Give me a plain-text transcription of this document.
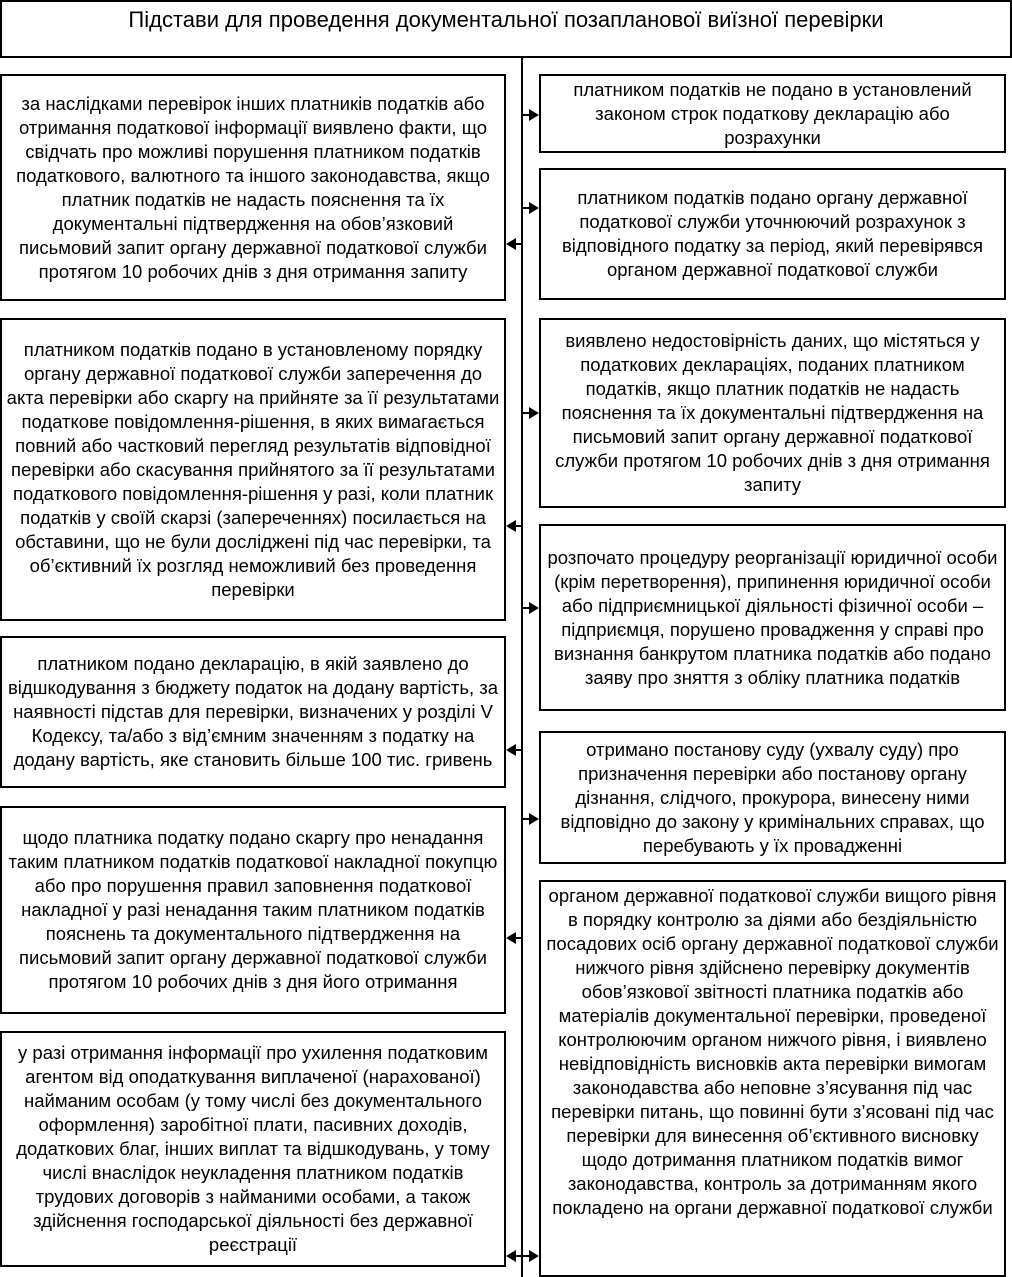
Підстави для проведення документальної позапланової виїзної перевірки
за наслідками перевірок інших платників податків або отримання податкової інформації виявлено факти, що свідчать про можливі порушення платником податків податкового, валютного та іншого законодавства, якщо платник податків не надасть пояснення та їх документальні підтвердження на обов’язковий письмовий запит органу державної податкової служби протягом 10 робочих днів з дня отримання запиту
платником податків подано в установленому порядку органу державної податкової служби заперечення до акта перевірки або скаргу на прийняте за її результатами податкове повідомлення-рішення, в яких вимагається повний або частковий перегляд результатів відповідної перевірки або скасування прийнятого за її результатами податкового повідомлення-рішення у разі, коли платник податків у своїй скарзі (запереченнях) посилається на обставини, що не були досліджені під час перевірки, та об’єктивний їх розгляд неможливий без проведення перевірки
платником подано декларацію, в якій заявлено до відшкодування з бюджету податок на додану вартість, за наявності підстав для перевірки, визначених у розділі V Кодексу, та/або з від’ємним значенням з податку на додану вартість, яке становить більше 100 тис. гривень
щодо платника податку подано скаргу про ненадання таким платником податків податкової накладної покупцю або про порушення правил заповнення податкової накладної у разі ненадання таким платником податків пояснень та документального підтвердження на письмовий запит органу державної податкової служби протягом 10 робочих днів з дня його отримання
у разі отримання інформації про ухилення податковим агентом від оподаткування виплаченої (нарахованої) найманим особам (у тому числі без документального оформлення) заробітної плати, пасивних доходів, додаткових благ, інших виплат та відшкодувань, у тому числі внаслідок неукладення платником податків трудових договорів з найманими особами, а також здійснення господарської діяльності без державної реєстрації
платником податків не подано в установлений законом строк податкову декларацію або розрахунки
платником податків подано органу державної податкової служби уточнюючий розрахунок з відповідного податку за період, який перевірявся органом державної податкової служби
виявлено недостовірність даних, що містяться у податкових деклараціях, поданих платником податків, якщо платник податків не надасть пояснення та їх документальні підтвердження на письмовий запит органу державної податкової служби протягом 10 робочих днів з дня отримання запиту
розпочато процедуру реорганізації юридичної особи (крім перетворення), припинення юридичної особи або підприємницької діяльності фізичної особи – підприємця, порушено провадження у справі про визнання банкрутом платника податків або подано заяву про зняття з обліку платника податків
отримано постанову суду (ухвалу суду) про призначення перевірки або постанову органу дізнання, слідчого, прокурора, винесену ними відповідно до закону у кримінальних справах, що перебувають у їх провадженні
органом державної податкової служби вищого рівня в порядку контролю за діями або бездіяльністю посадових осіб органу державної податкової служби нижчого рівня здійснено перевірку документів обов’язкової звітності платника податків або матеріалів документальної перевірки, проведеної контролюючим органом нижчого рівня, і виявлено невідповідність висновків акта перевірки вимогам законодавства або неповне з’ясування під час перевірки питань, що повинні бути з’ясовані під час перевірки для винесення об’єктивного висновку щодо дотримання платником податків вимог законодавства, контроль за дотриманням якого покладено на органи державної податкової служби
